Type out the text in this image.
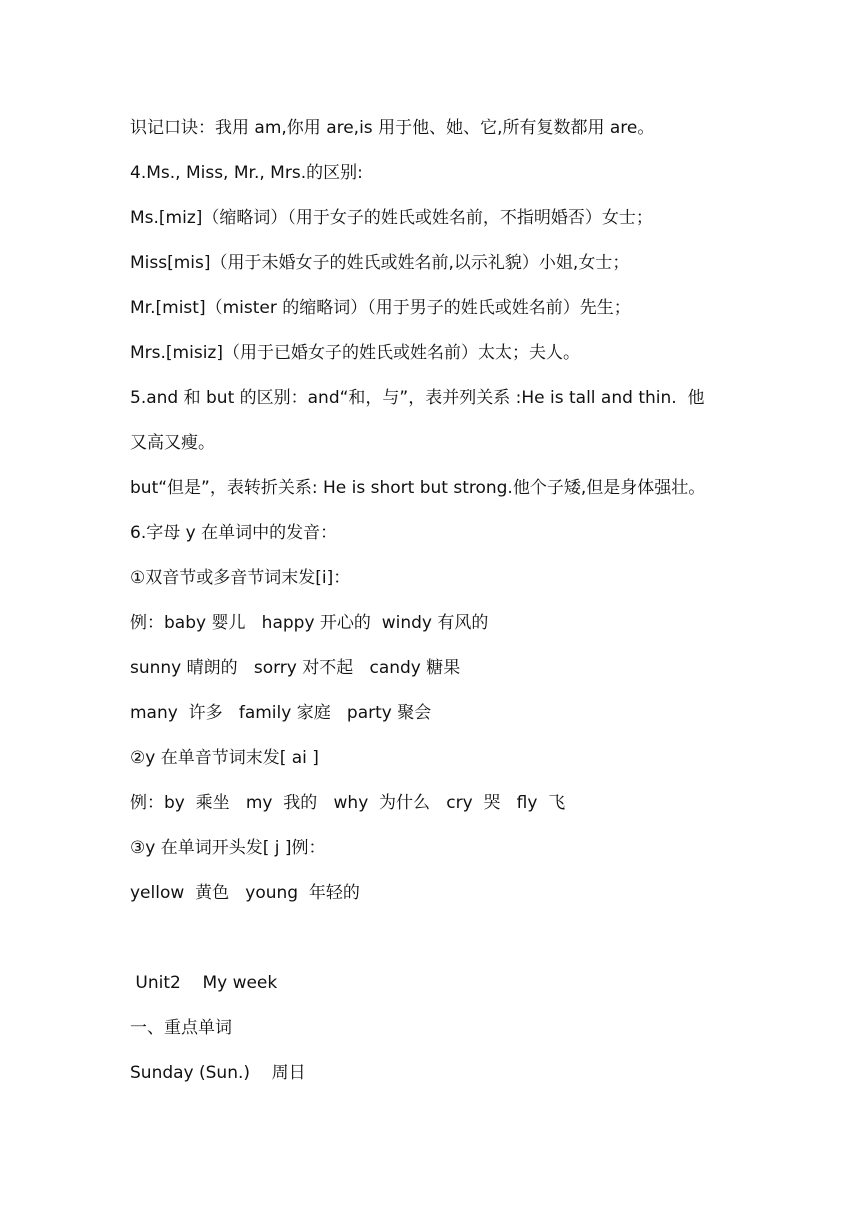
识记口诀：我用 am,你用 are,is 用于他、她、它,所有复数都用 are。
4.Ms., Miss, Mr., Mrs.的区别:
Ms.[miz]（缩略词）（用于女子的姓氏或姓名前，不指明婚否）女士；
Miss[mis]（用于未婚女子的姓氏或姓名前,以示礼貌）小姐,女士；
Mr.[mist]（mister 的缩略词）（用于男子的姓氏或姓名前）先生；
Mrs.[misiz]（用于已婚女子的姓氏或姓名前）太太；夫人。
5.and 和 but 的区别：and“和，与”，表并列关系 :He is tall and thin.  他
又高又瘦。
but“但是”，表转折关系: He is short but strong.他个子矮,但是身体强壮。
6.字母 y 在单词中的发音：
①双音节或多音节词末发[i]：
例：baby 婴儿   happy 开心的  windy 有风的
sunny 晴朗的   sorry 对不起   candy 糖果
many  许多   family 家庭   party 聚会
②y 在单音节词末发[ ai ]
例：by  乘坐   my  我的   why  为什么   cry  哭   fly  飞
③y 在单词开头发[ j ]例：
yellow  黄色   young  年轻的
Unit2    My week
一、重点单词
Sunday (Sun.)    周日
